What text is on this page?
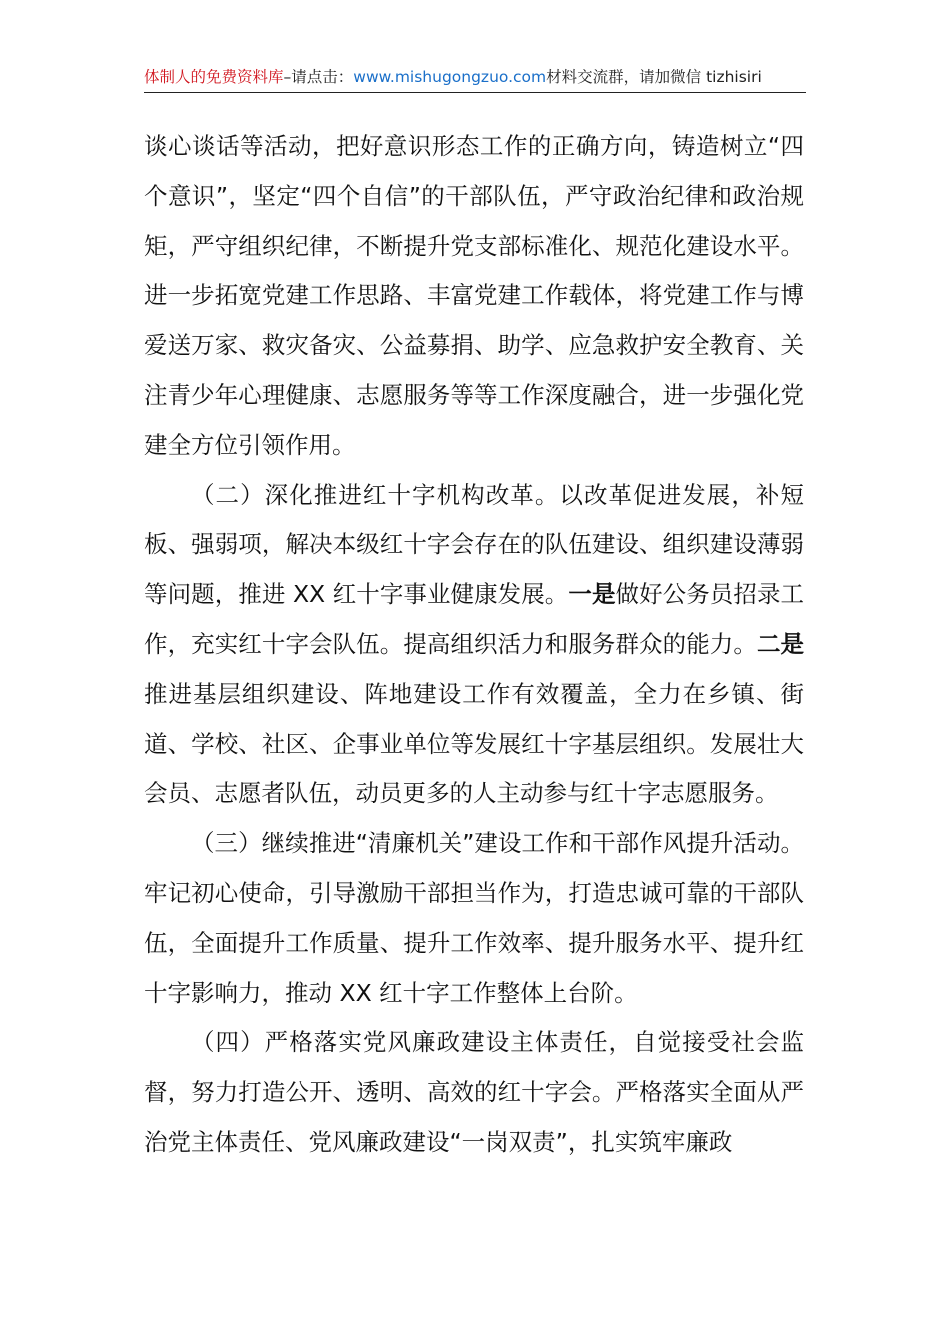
体制人的免费资料库–请点击：www.mishugongzuo.com材料交流群，请加微信 tizhisiri

谈心谈话等活动，把好意识形态工作的正确方向，铸造树立“四个意识”，坚定“四个自信”的干部队伍，严守政治纪律和政治规矩，严守组织纪律，不断提升党支部标准化、规范化建设水平。进一步拓宽党建工作思路、丰富党建工作载体，将党建工作与博爱送万家、救灾备灾、公益募捐、助学、应急救护安全教育、关注青少年心理健康、志愿服务等等工作深度融合，进一步强化党建全方位引领作用。

（二）深化推进红十字机构改革。以改革促进发展，补短板、强弱项，解决本级红十字会存在的队伍建设、组织建设薄弱等问题，推进 XX 红十字事业健康发展。一是做好公务员招录工作，充实红十字会队伍。提高组织活力和服务群众的能力。二是推进基层组织建设、阵地建设工作有效覆盖，全力在乡镇、街道、学校、社区、企事业单位等发展红十字基层组织。发展壮大会员、志愿者队伍，动员更多的人主动参与红十字志愿服务。

（三）继续推进“清廉机关”建设工作和干部作风提升活动。牢记初心使命，引导激励干部担当作为，打造忠诚可靠的干部队伍，全面提升工作质量、提升工作效率、提升服务水平、提升红十字影响力，推动 XX 红十字工作整体上台阶。

（四）严格落实党风廉政建设主体责任，自觉接受社会监督，努力打造公开、透明、高效的红十字会。严格落实全面从严治党主体责任、党风廉政建设“一岗双责”，扎实筑牢廉政
